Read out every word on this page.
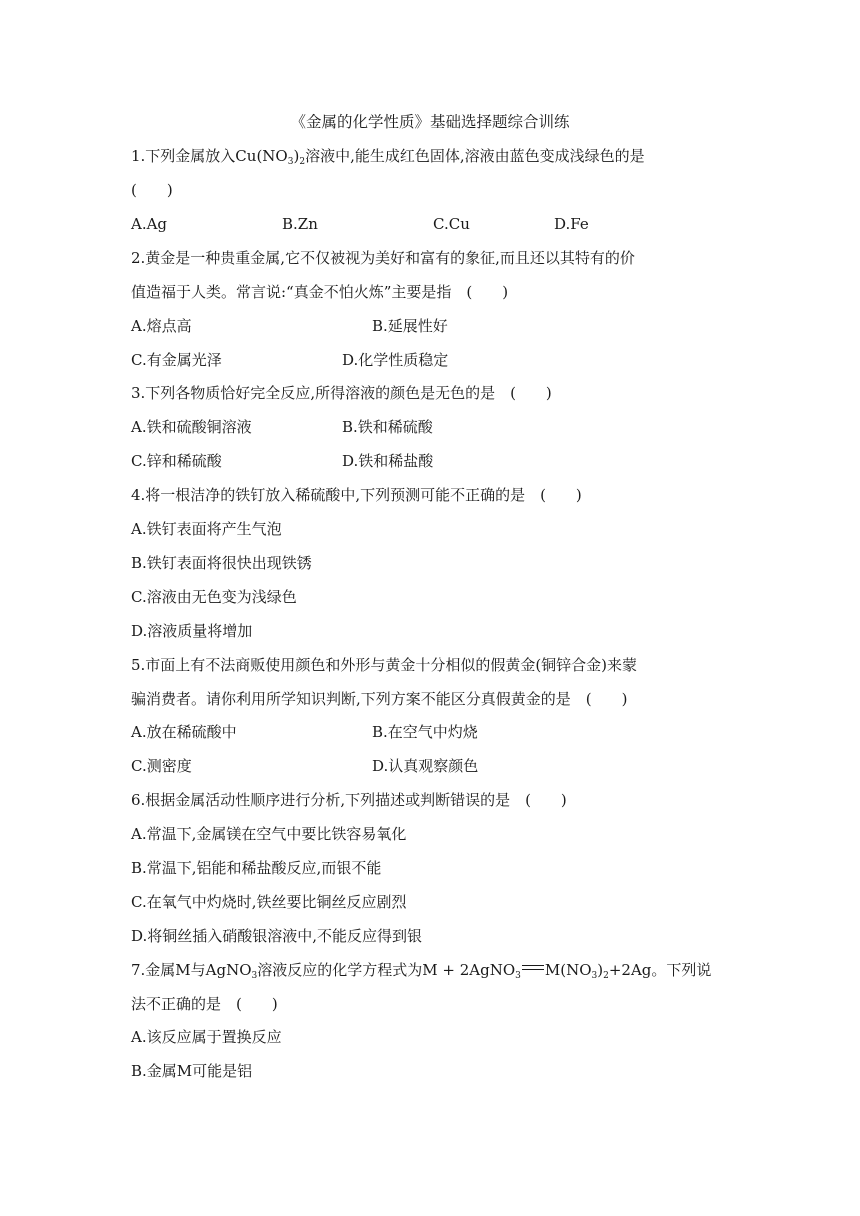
《金属的化学性质》基础选择题综合训练
1.下列金属放入$Cu(NO_3)_2$溶液中,能生成红色固体,溶液由蓝色变成浅绿色的是
(　　)
A.Ag	B.Zn	C.Cu	D.Fe
2.黄金是一种贵重金属,它不仅被视为美好和富有的象征,而且还以其特有的价
值造福于人类。常言说:“真金不怕火炼”主要是指　(　　)
A.熔点高	B.延展性好
C.有金属光泽	D.化学性质稳定
3.下列各物质恰好完全反应,所得溶液的颜色是无色的是　(　　)
A.铁和硫酸铜溶液	B.铁和稀硫酸
C.锌和稀硫酸	D.铁和稀盐酸
4.将一根洁净的铁钉放入稀硫酸中,下列预测可能不正确的是　(　　)
A.铁钉表面将产生气泡
B.铁钉表面将很快出现铁锈
C.溶液由无色变为浅绿色
D.溶液质量将增加
5.市面上有不法商贩使用颜色和外形与黄金十分相似的假黄金(铜锌合金)来蒙
骗消费者。请你利用所学知识判断,下列方案不能区分真假黄金的是　(　　)
A.放在稀硫酸中	B.在空气中灼烧
C.测密度	D.认真观察颜色
6.根据金属活动性顺序进行分析,下列描述或判断错误的是　(　　)
A.常温下,金属镁在空气中要比铁容易氧化
B.常温下,铝能和稀盐酸反应,而银不能
C.在氧气中灼烧时,铁丝要比铜丝反应剧烈
D.将铜丝插入硝酸银溶液中,不能反应得到银
7.金属M与AgNO$_3$溶液反应的化学方程式为M + 2AgNO$_3$ $M(NO_3)_2+2Ag$。下列说
法不正确的是　(　　)
A.该反应属于置换反应
B.金属M可能是铝
